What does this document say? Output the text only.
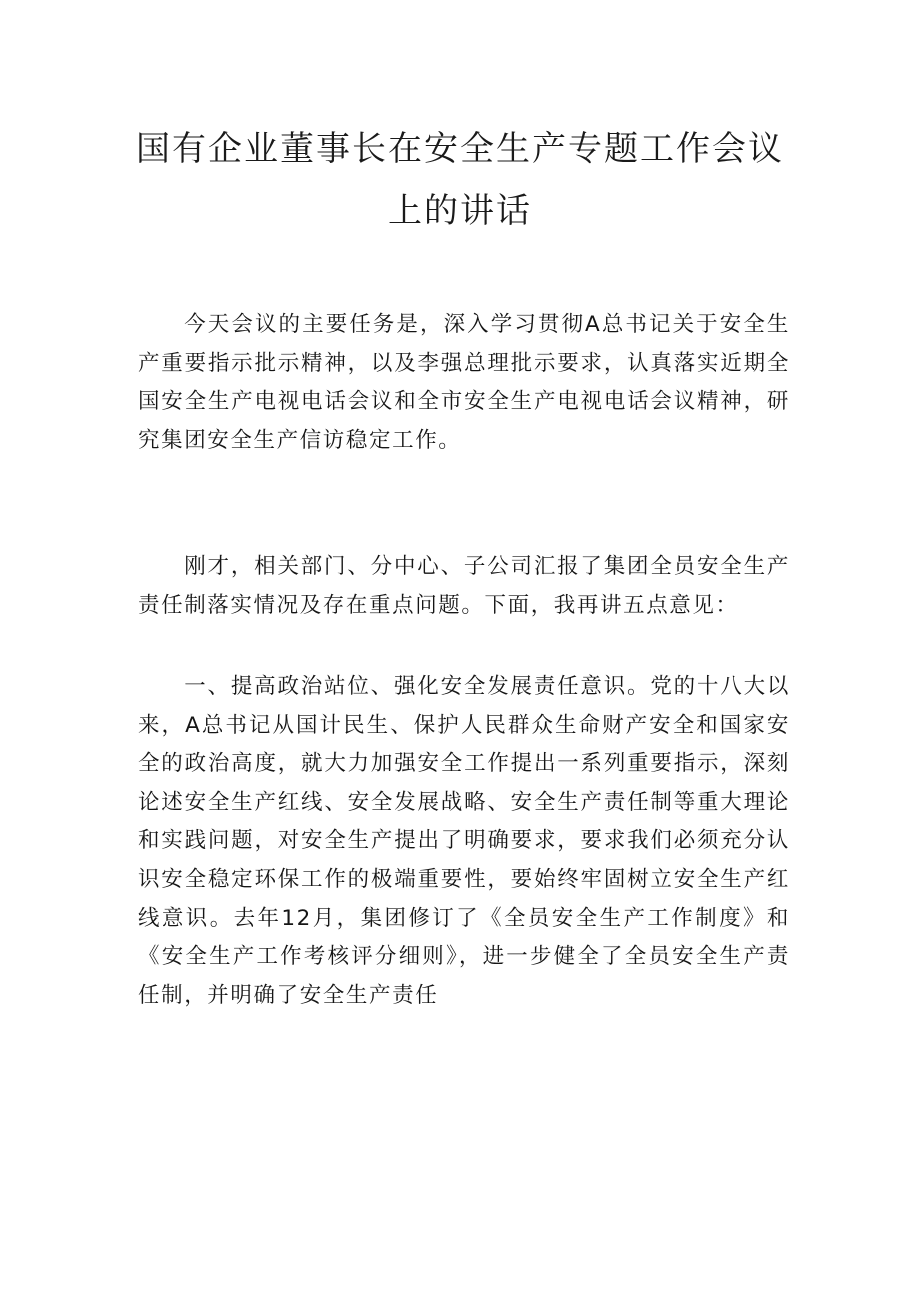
国有企业董事长在安全生产专题工作会议
上的讲话

今天会议的主要任务是，深入学习贯彻A总书记关于安全生产重要指示批示精神，以及李强总理批示要求，认真落实近期全国安全生产电视电话会议和全市安全生产电视电话会议精神，研究集团安全生产信访稳定工作。

刚才，相关部门、分中心、子公司汇报了集团全员安全生产责任制落实情况及存在重点问题。下面，我再讲五点意见：

一、提高政治站位、强化安全发展责任意识。党的十八大以来，A总书记从国计民生、保护人民群众生命财产安全和国家安全的政治高度，就大力加强安全工作提出一系列重要指示，深刻论述安全生产红线、安全发展战略、安全生产责任制等重大理论和实践问题，对安全生产提出了明确要求，要求我们必须充分认识安全稳定环保工作的极端重要性，要始终牢固树立安全生产红线意识。去年12月，集团修订了《全员安全生产工作制度》和《安全生产工作考核评分细则》，进一步健全了全员安全生产责任制，并明确了安全生产责任
